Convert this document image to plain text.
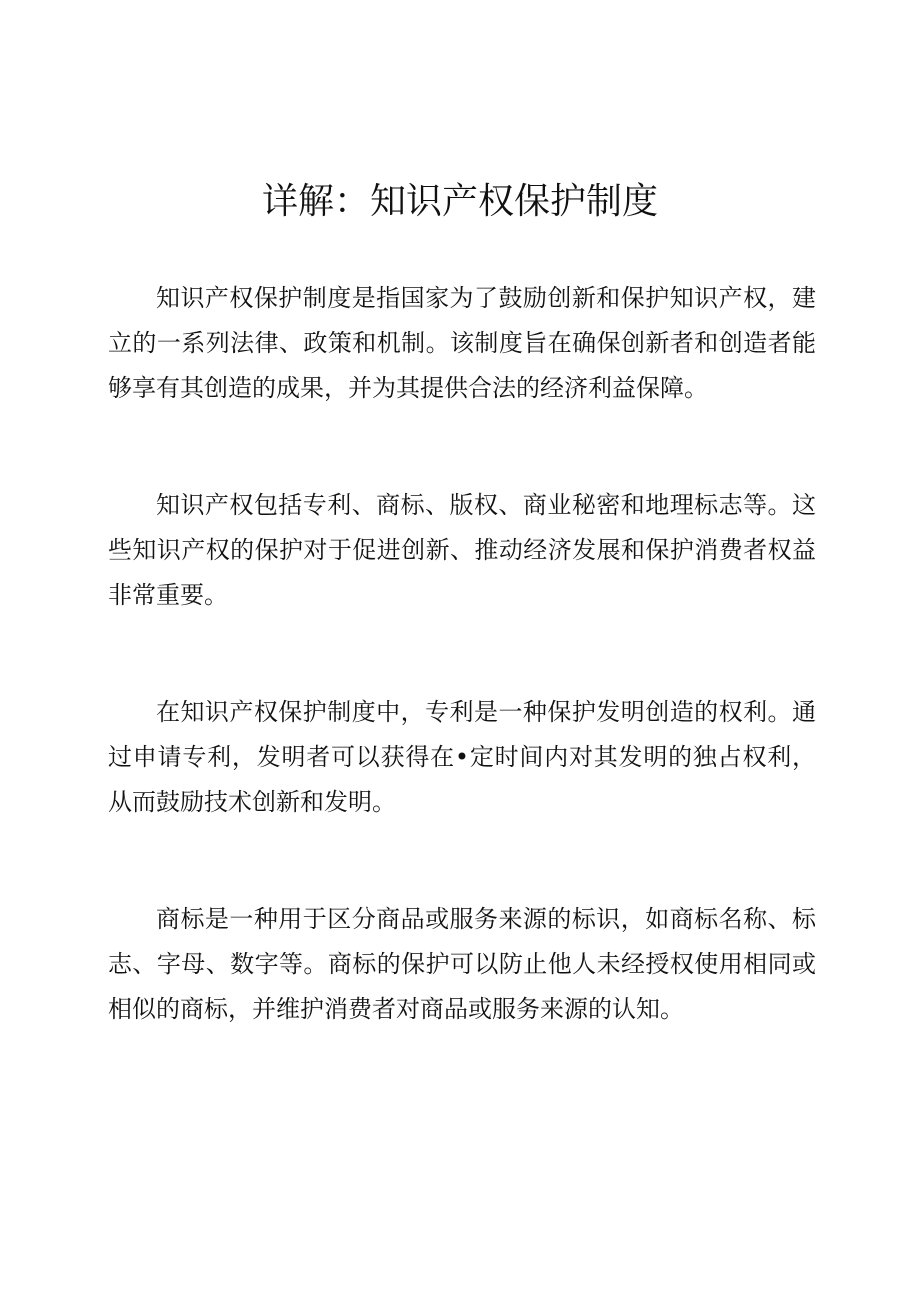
详解：知识产权保护制度

知识产权保护制度是指国家为了鼓励创新和保护知识产权，建立的一系列法律、政策和机制。该制度旨在确保创新者和创造者能够享有其创造的成果，并为其提供合法的经济利益保障。

知识产权包括专利、商标、版权、商业秘密和地理标志等。这些知识产权的保护对于促进创新、推动经济发展和保护消费者权益非常重要。

在知识产权保护制度中，专利是一种保护发明创造的权利。通过申请专利，发明者可以获得在•定时间内对其发明的独占权利，从而鼓励技术创新和发明。

商标是一种用于区分商品或服务来源的标识，如商标名称、标志、字母、数字等。商标的保护可以防止他人未经授权使用相同或相似的商标，并维护消费者对商品或服务来源的认知。
